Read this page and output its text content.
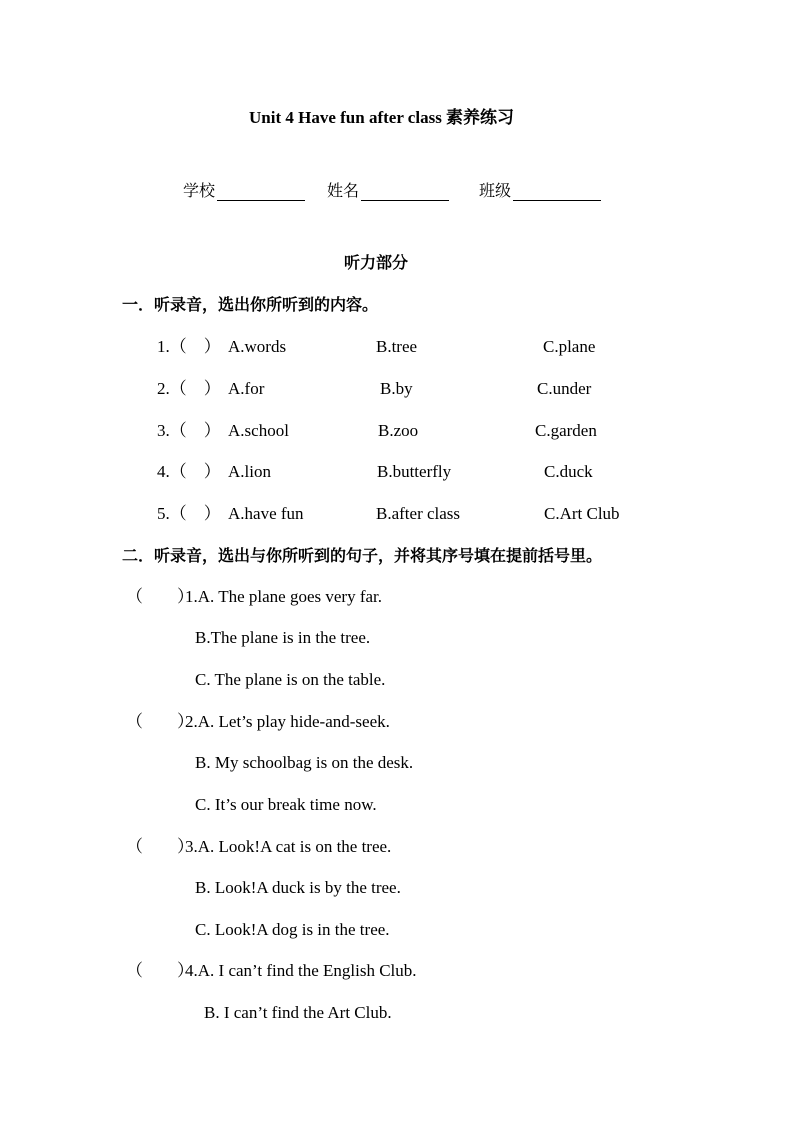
Unit 4 Have fun after class 素养练习
学校	姓名	班级
听力部分
一．听录音，选出你所听到的内容。
1.（　） A.words	B.tree	C.plane
2.（　） A.for	B.by	C.under
3.（　） A.school	B.zoo	C.garden
4.（　） A.lion	B.butterfly	C.duck
5.（　） A.have fun	B.after class	C.Art Club
二．听录音，选出与你所听到的句子，并将其序号填在提前括号里。
（　　）
1.A. The plane goes very far.
B.The plane is in the tree.
C. The plane is on the table.
（　　）
2.A. Let’s play hide-and-seek.
B. My schoolbag is on the desk.
C. It’s our break time now.
（　　）
3.A. Look!A cat is on the tree.
B. Look!A duck is by the tree.
C. Look!A dog is in the tree.
（　　）
4.A. I can’t find the English Club.
B. I can’t find the Art Club.
